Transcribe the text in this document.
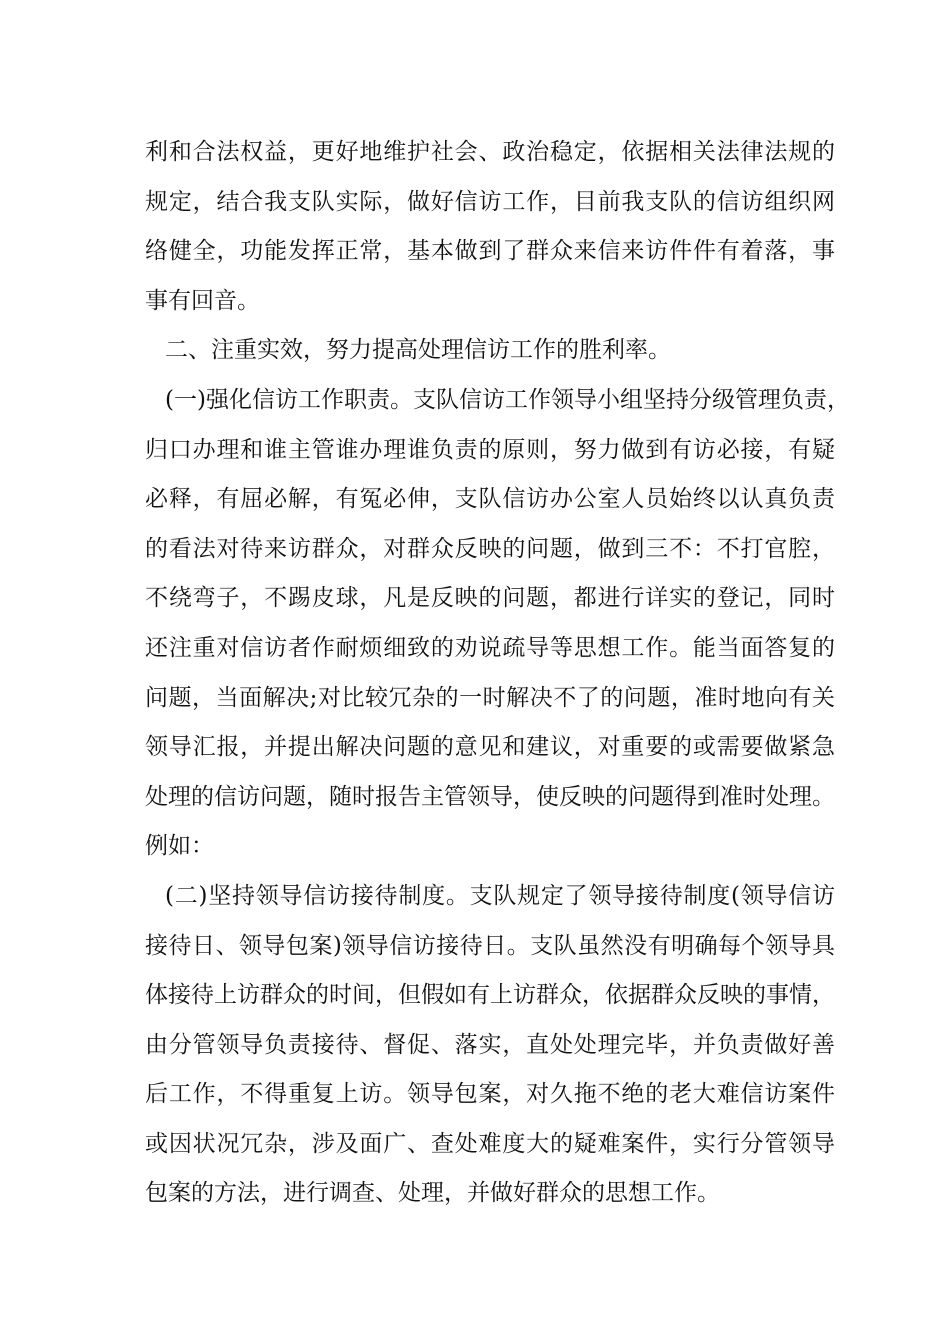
利和合法权益，更好地维护社会、政治稳定，依据相关法律法规的
规定，结合我支队实际，做好信访工作，目前我支队的信访组织网
络健全，功能发挥正常，基本做到了群众来信来访件件有着落，事
事有回音。
二、注重实效，努力提高处理信访工作的胜利率。
(一)强化信访工作职责。支队信访工作领导小组坚持分级管理负责，
归口办理和谁主管谁办理谁负责的原则，努力做到有访必接，有疑
必释，有屈必解，有冤必伸，支队信访办公室人员始终以认真负责
的看法对待来访群众，对群众反映的问题，做到三不：不打官腔，
不绕弯子，不踢皮球，凡是反映的问题，都进行详实的登记，同时
还注重对信访者作耐烦细致的劝说疏导等思想工作。能当面答复的
问题，当面解决;对比较冗杂的一时解决不了的问题，准时地向有关
领导汇报，并提出解决问题的意见和建议，对重要的或需要做紧急
处理的信访问题，随时报告主管领导，使反映的问题得到准时处理。
例如：
(二)坚持领导信访接待制度。支队规定了领导接待制度(领导信访
接待日、领导包案)领导信访接待日。支队虽然没有明确每个领导具
体接待上访群众的时间，但假如有上访群众，依据群众反映的事情，
由分管领导负责接待、督促、落实，直处处理完毕，并负责做好善
后工作，不得重复上访。领导包案，对久拖不绝的老大难信访案件
或因状况冗杂，涉及面广、查处难度大的疑难案件，实行分管领导
包案的方法，进行调查、处理，并做好群众的思想工作。
